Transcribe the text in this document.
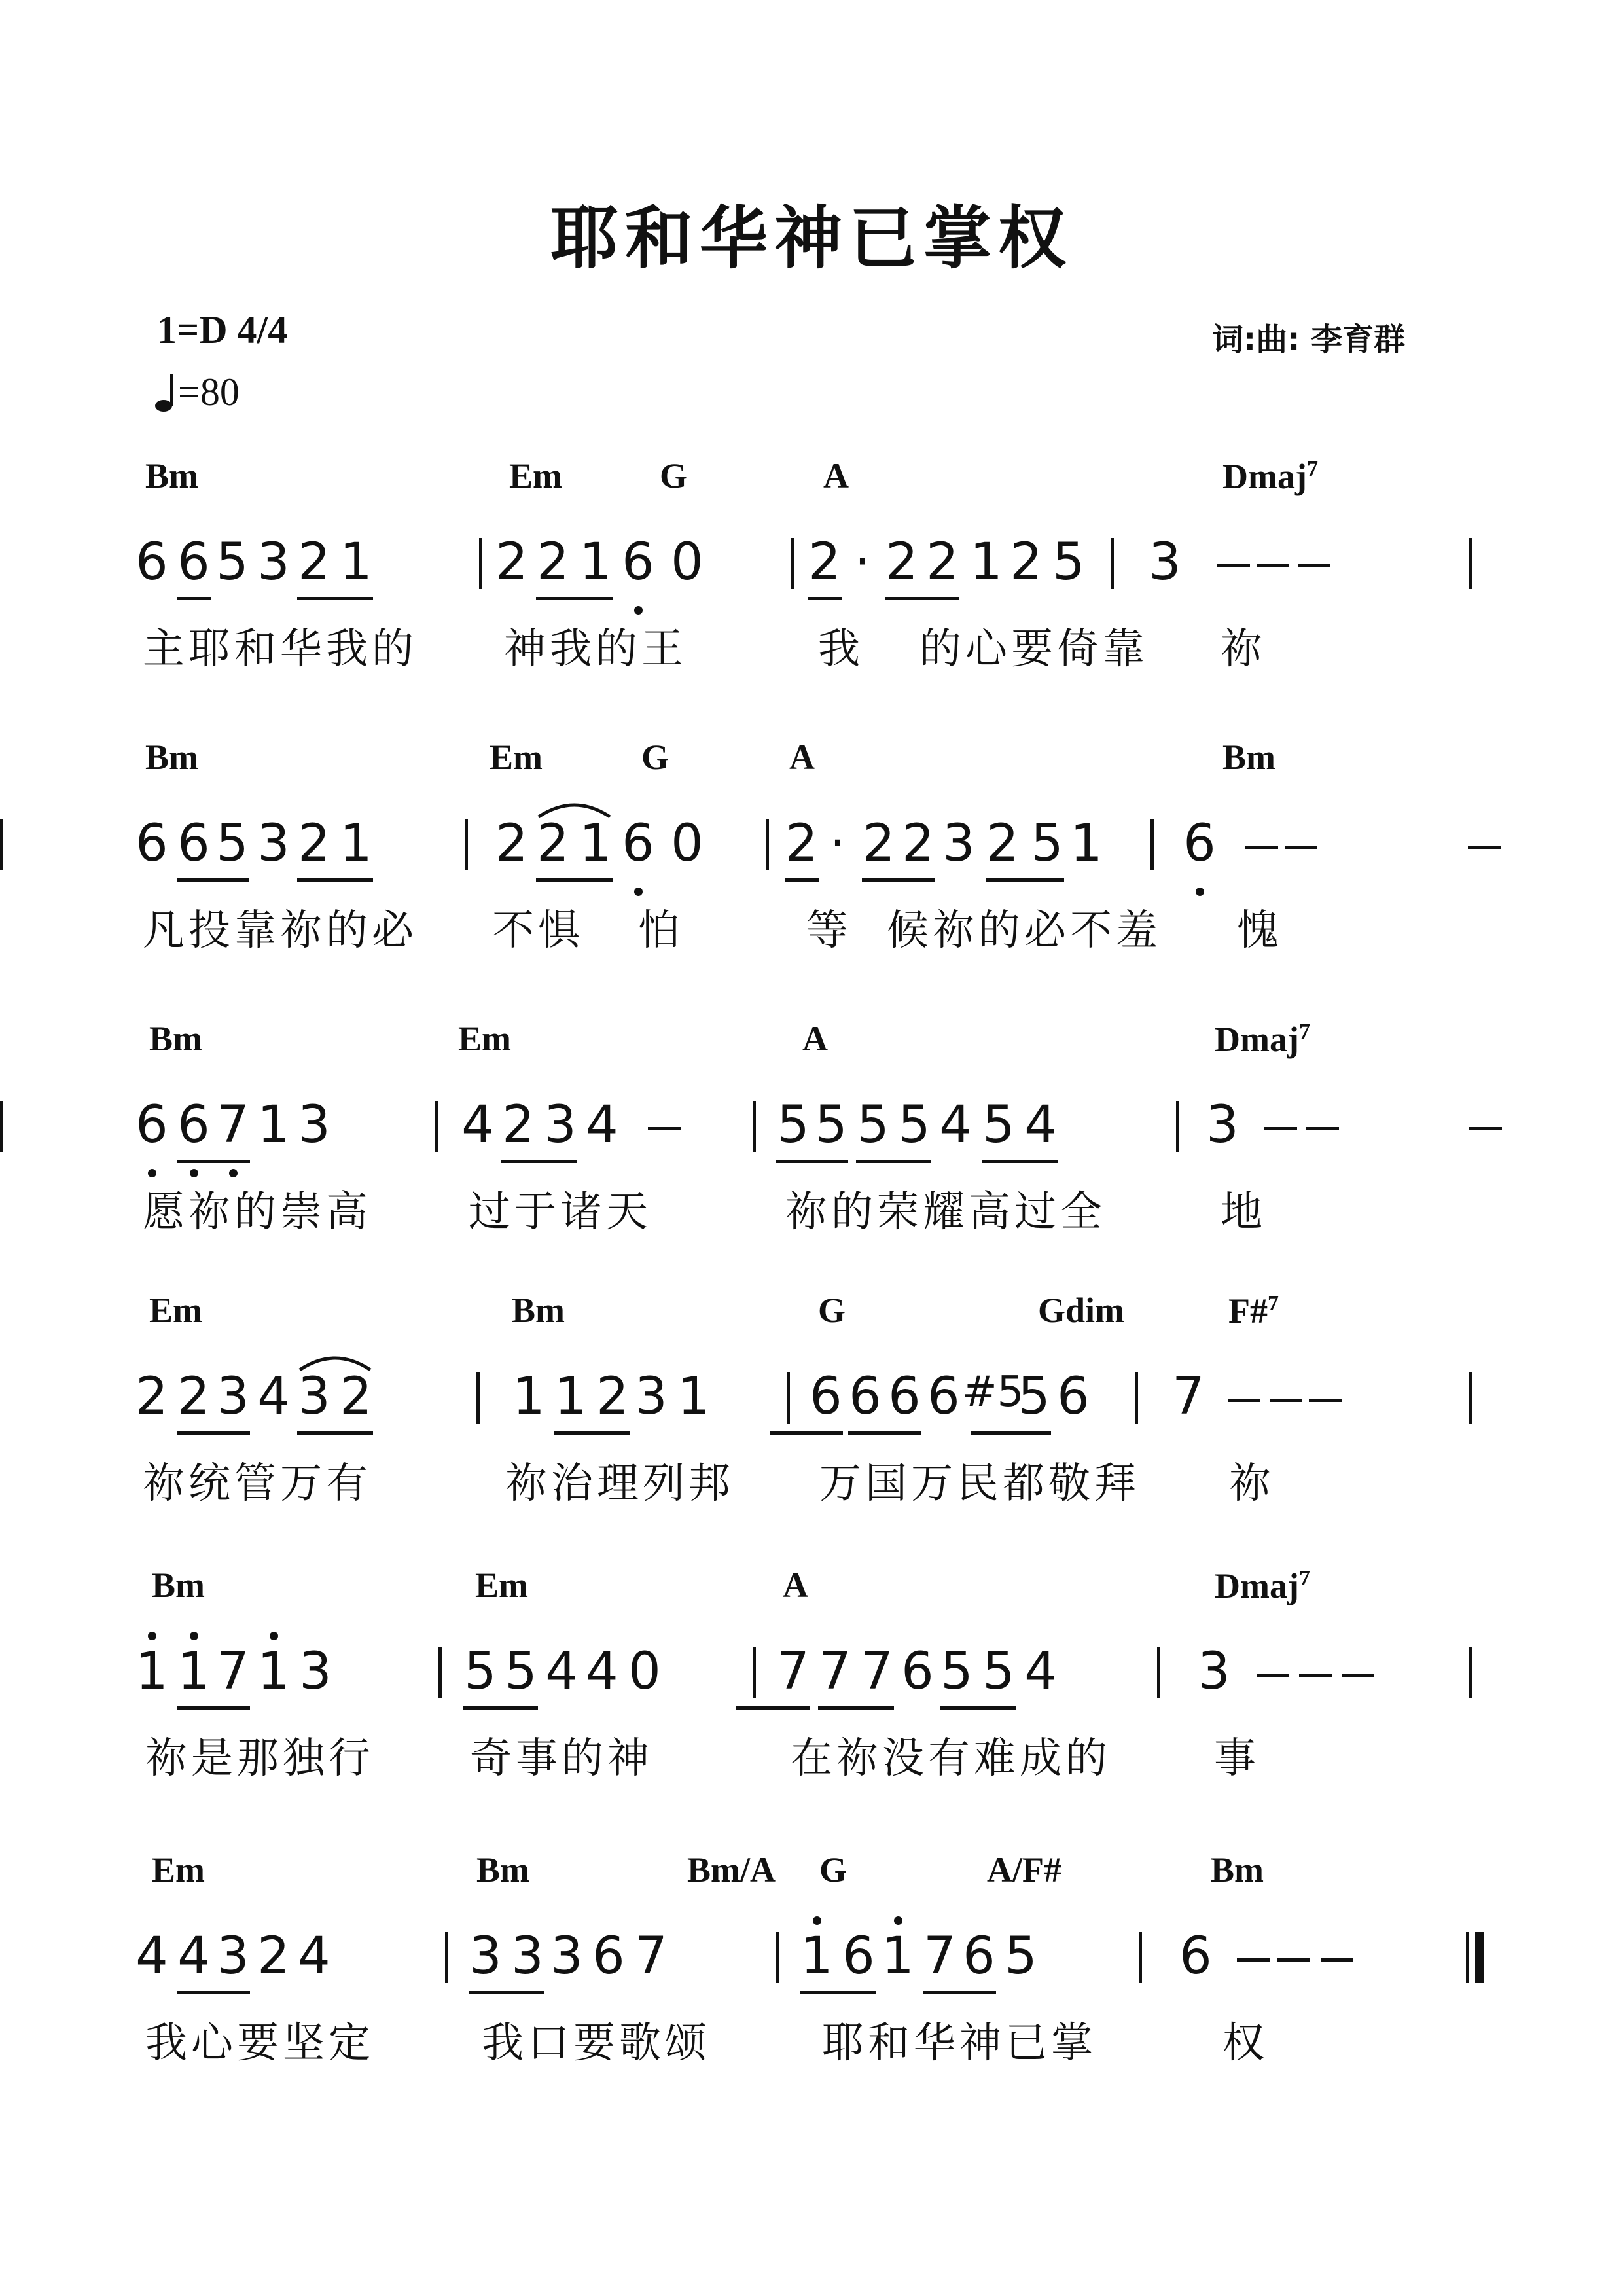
耶和华神已掌权
1=D 4/4
=80
词:曲: 李育群
Bm	Em	G	A	Dmaj$^7$
6 6 5 3 2 1 2 2 1 6 0 2 · 2 2 1 2 5 3
主耶和华我的 神我的王	我 的心要倚靠 祢
Bm	Em	G	A	Bm
6 6 5 3 2 1 2 2 1 6 0 2 · 2 2 3 2 5 1 6
凡投靠祢的必 不惧 怕	等 候祢的必不羞 愧
Bm	Em	A	Dmaj$^7$
6 6 7 1 3	4 2 3 4	5 5 5 5 4 5 4	3
愿祢的崇高 过于诸天	祢的荣耀高过全	地
Em	Bm	G	Gdim	F#$^7$
2 2 3 4 3 2	1 1 2 3 1 6 6 6 6 #5
5 6 7
祢统管万有	祢治理列邦 万国万民都敬拜 祢
Bm	Em	A	Dmaj$^7$
1 1 7 1 3	5 5 4 4 0 7 7 7 6 5 5 4	3
祢是那独行 奇事的神	在祢没有难成的 事
Em	Bm	Bm/A G	A/F#	Bm
4 4 3 2 4	3 3 3 6 7	1 6 1 7 6 5	6
我心要坚定	我口要歌颂	耶和华神已掌	权
